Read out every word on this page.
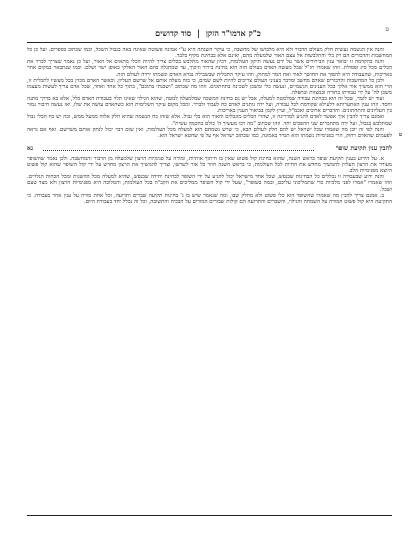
ט
כ"ק אדמו"ר הזקן | סוד קדושים
ט

והנה אין הנשמה נעשית חלק מעולם הדבור ולא היא מלבושו של מחשבה, כי עיקר השגתה היא ע"י אמונה פשוטה שאינה באה בגבול השכל, וכמו שכתוב בספרים. ועל כן כל המחשבות והדבורים הם רק כלי והתלבשות אל עצם האור שלמעלה מהם, ואינם אלא בבחינת מקיף בלבד.

והנה בהקדמה זו יבואר ענין הבירורים אשר על ידם נעשה תיקון העולמות, דכיון שהאור מתלבש בכלים צריך להיות הכלי מתאים אל האור, ועל כן נאמר שצריך לברר את הכלים מכל סיג ופסולת. וזהו שאמרו חז"ל שכל מעשה האדם בעולם הזה הוא בחינת בירור וזיכוך, עד שמתגלה בהם האור האלקי באופן ישר ושלם. וכמו שנתבאר במקום אחר באריכות, שהעבודה היא להפוך את החושך לאור ואת המר למתוק, וזהו עיקר התכלית שבשבילה נברא האדם ונשמתו ירדה לעולם הזה.

ולכן כל המחשבות והדבורים שאדם מחשב ומדבר בעניני העולם צריכים להיות לשם שמים, כי בזה מעלה אותם אל שרשם העליון. וכאשר האדם מכוין בכל מעשיו לתכלית זו, הרי הוא ממשיך אור אלקי בכל הענינים הגשמיים, ונעשה כלי ומשכן לשכינה בתחתונים. וזהו מה שכתוב "ושכנתי בתוכם", בתוך כל אחד ואחד, שכל אדם צריך לעשות מעצמו משכן לה' על ידי עבודתו בתורה ובמצוות ובתפלה.

ועוד יש לומר, שכל זה הוא בבחינת עבודה שמלמטה למעלה, אבל יש גם בחינת המשכה שמלמעלה למטה, שהוא הגילוי שאינו תלוי בעבודת האדם כלל, אלא בא בדרך מתנה וחסד. וזהו ענין האתערותא דלעילא שקודמת לכל עבודה, ועל ידה נותנים לאדם כח לעבוד ולברר. ומכל מקום עיקר השלימות הוא כשהאדם עושה את שלו, ואז נעשה חיבור גמור בין העליונים והתחתונים. והדברים ארוכים ואכמ"ל, ועיין לקמן בביאור הענין באריכות.

ואמנם צריך להבין איך אפשר לאדם להגיע למדריגה זו, שהרי הכלים מוגבלים והאור הוא בלי גבול. אלא שזהו כח הנשמה שהיא חלק אלוה ממעל ממש, ובה יש כח הבלי גבול שמתלבש בגבול, ועל ידה מתחברים שני ההפכים יחד. וזהו שכתוב "מה רבו מעשיך ה' כולם בחכמה עשית".

והנה לפי זה יובן מה שאמרו שכל ישראל יש להם חלק לעולם הבא, כי שרש נשמתם הוא למעלה מכל העולמות, ואין שום דבר יכול לנתק אותם משרשם. ואף אם נראה לפעמים שהאדם רחוק, הרי בפנימיות נשמתו הוא תמיד באמונה, כמו שכתוב ישראל אף על פי שחטא ישראל הוא.

להבין ענין תקיעת שופר
נא

א. על הידוע בענין תקיעת שופר בראש השנה, שהוא בחינת קול פשוט שאין בו חיתוך אותיות, ומורה על פנימיות הרצון שלמעלה מן הדבור והמחשבה. ולכן נאמר שהשופר מעורר את הרצון העליון להמשיך מחדש את החיות לכל העולמות, כי בראש השנה חוזר כל אור לשרשו, וצריך להמשיך את הרצון מחדש על ידי קול השופר שהוא קול פשוט היוצא מפנימיות הלב.

והנה ידוע שבעבודה זו נכללים כל הבחינות שבנפש, שכל אחד מישראל יכול להגיע על ידי השופר לבחינת יחידה שבנפש, שהיא למעלה מכל ההשגות ומכל הכחות הגלויים. וזהו שאמרו "אמרו לפני מלכיות כדי שתמליכוני עליכם, ובמה בשופר", שעל ידי קול השופר ממליכים את הקב"ה בכל העולמות, והמלוכה היא מפנימיות הרצון ולא מצד טעם ושכל.

ב. אמנם צריך להבין מה שאמרו שהשופר הוא כלי פשוט ולא מחלק שבו, ומה שנאמר שיש בו ג' בחינות תקיעה שברים ותרועה, וכל אחת מורה על ענין אחר בעבודה. כי התקיעה היא קול פשוט המורה על השמחה והגילוי, והשברים והתרועה הם קולות שבורים המורים על הבכיה והתשובה, וכל זה נכלל יחד בעבודת היום.
